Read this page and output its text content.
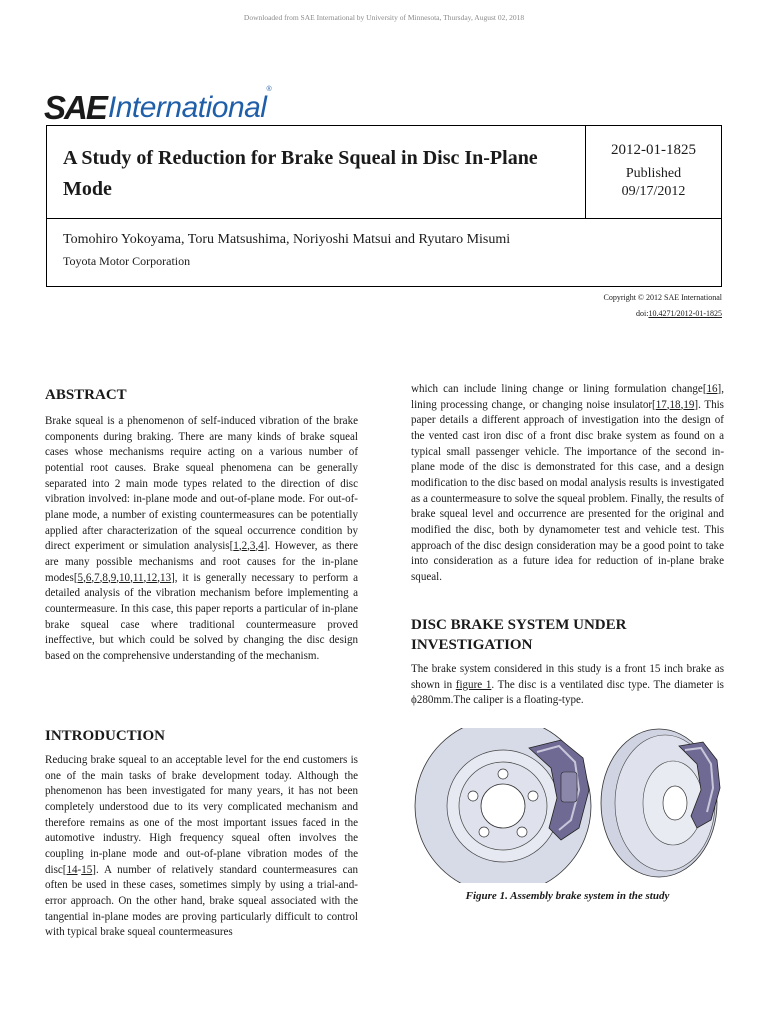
Downloaded from SAE International by University of Minnesota, Thursday, August 02, 2018
SAE International
®
A Study of Reduction for Brake Squeal in Disc In-Plane Mode
2012-01-1825
Published
09/17/2012
Tomohiro Yokoyama, Toru Matsushima, Noriyoshi Matsui and Ryutaro Misumi
Toyota Motor Corporation
Copyright © 2012 SAE International
doi:10.4271/2012-01-1825
ABSTRACT

Brake squeal is a phenomenon of self-induced vibration of the brake components during braking. There are many kinds of brake squeal cases whose mechanisms require acting on a various number of potential root causes. Brake squeal phenomena can be generally separated into 2 main mode types related to the direction of disc vibration involved: in-plane mode and out-of-plane mode. For out-of-plane mode, a number of existing countermeasures can be potentially applied after characterization of the squeal occurrence condition by direct experiment or simulation analysis[1,2,3,4]. However, as there are many possible mechanisms and root causes for the in-plane modes[5,6,7,8,9,10,11,12,13], it is generally necessary to perform a detailed analysis of the vibration mechanism before implementing a countermeasure. In this case, this paper reports a particular of in-plane brake squeal case where traditional countermeasure proved ineffective, but which could be solved by changing the disc design based on the comprehensive understanding of the mechanism.

INTRODUCTION

Reducing brake squeal to an acceptable level for the end customers is one of the main tasks of brake development today. Although the phenomenon has been investigated for many years, it has not been completely understood due to its very complicated mechanism and therefore remains as one of the most important issues faced in the automotive industry. High frequency squeal often involves the coupling in-plane mode and out-of-plane vibration modes of the disc[14-15]. A number of relatively standard countermeasures can often be used in these cases, sometimes simply by using a trial-and-error approach. On the other hand, brake squeal associated with the tangential in-plane modes are proving particularly difficult to control with typical brake squeal countermeasures

which can include lining change or lining formulation change[16], lining processing change, or changing noise insulator[17,18,19]. This paper details a different approach of investigation into the design of the vented cast iron disc of a front disc brake system as found on a typical small passenger vehicle. The importance of the second in-plane mode of the disc is demonstrated for this case, and a design modification to the disc based on modal analysis results is investigated as a countermeasure to solve the squeal problem. Finally, the results of brake squeal level and occurrence are presented for the original and modified the disc, both by dynamometer test and vehicle test. This approach of the disc design consideration may be a good point to take into consideration as a future idea for reduction of in-plane brake squeal.

DISC BRAKE SYSTEM UNDER INVESTIGATION

The brake system considered in this study is a front 15 inch brake as shown in figure 1. The disc is a ventilated disc type. The diameter is ϕ280mm.The caliper is a floating-type.

Figure 1. Assembly brake system in the study
